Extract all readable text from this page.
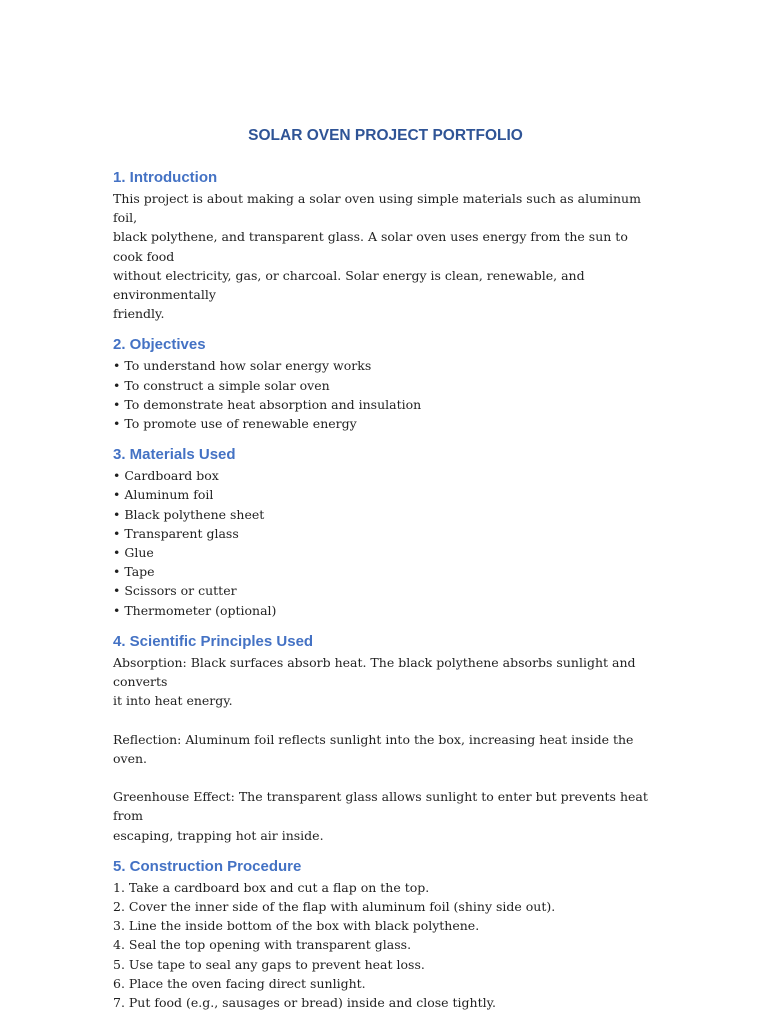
SOLAR OVEN PROJECT PORTFOLIO
1. Introduction

This project is about making a solar oven using simple materials such as aluminum foil,
black polythene, and transparent glass. A solar oven uses energy from the sun to cook food
without electricity, gas, or charcoal. Solar energy is clean, renewable, and environmentally
friendly.

2. Objectives
• To understand how solar energy works
• To construct a simple solar oven
• To demonstrate heat absorption and insulation
• To promote use of renewable energy
3. Materials Used
• Cardboard box
• Aluminum foil
• Black polythene sheet
• Transparent glass
• Glue
• Tape
• Scissors or cutter
• Thermometer (optional)
4. Scientific Principles Used

Absorption: Black surfaces absorb heat. The black polythene absorbs sunlight and converts
it into heat energy.

Reflection: Aluminum foil reflects sunlight into the box, increasing heat inside the oven.

Greenhouse Effect: The transparent glass allows sunlight to enter but prevents heat from
escaping, trapping hot air inside.

5. Construction Procedure
1. Take a cardboard box and cut a flap on the top.
2. Cover the inner side of the flap with aluminum foil (shiny side out).
3. Line the inside bottom of the box with black polythene.
4. Seal the top opening with transparent glass.
5. Use tape to seal any gaps to prevent heat loss.
6. Place the oven facing direct sunlight.
7. Put food (e.g., sausages or bread) inside and close tightly.
